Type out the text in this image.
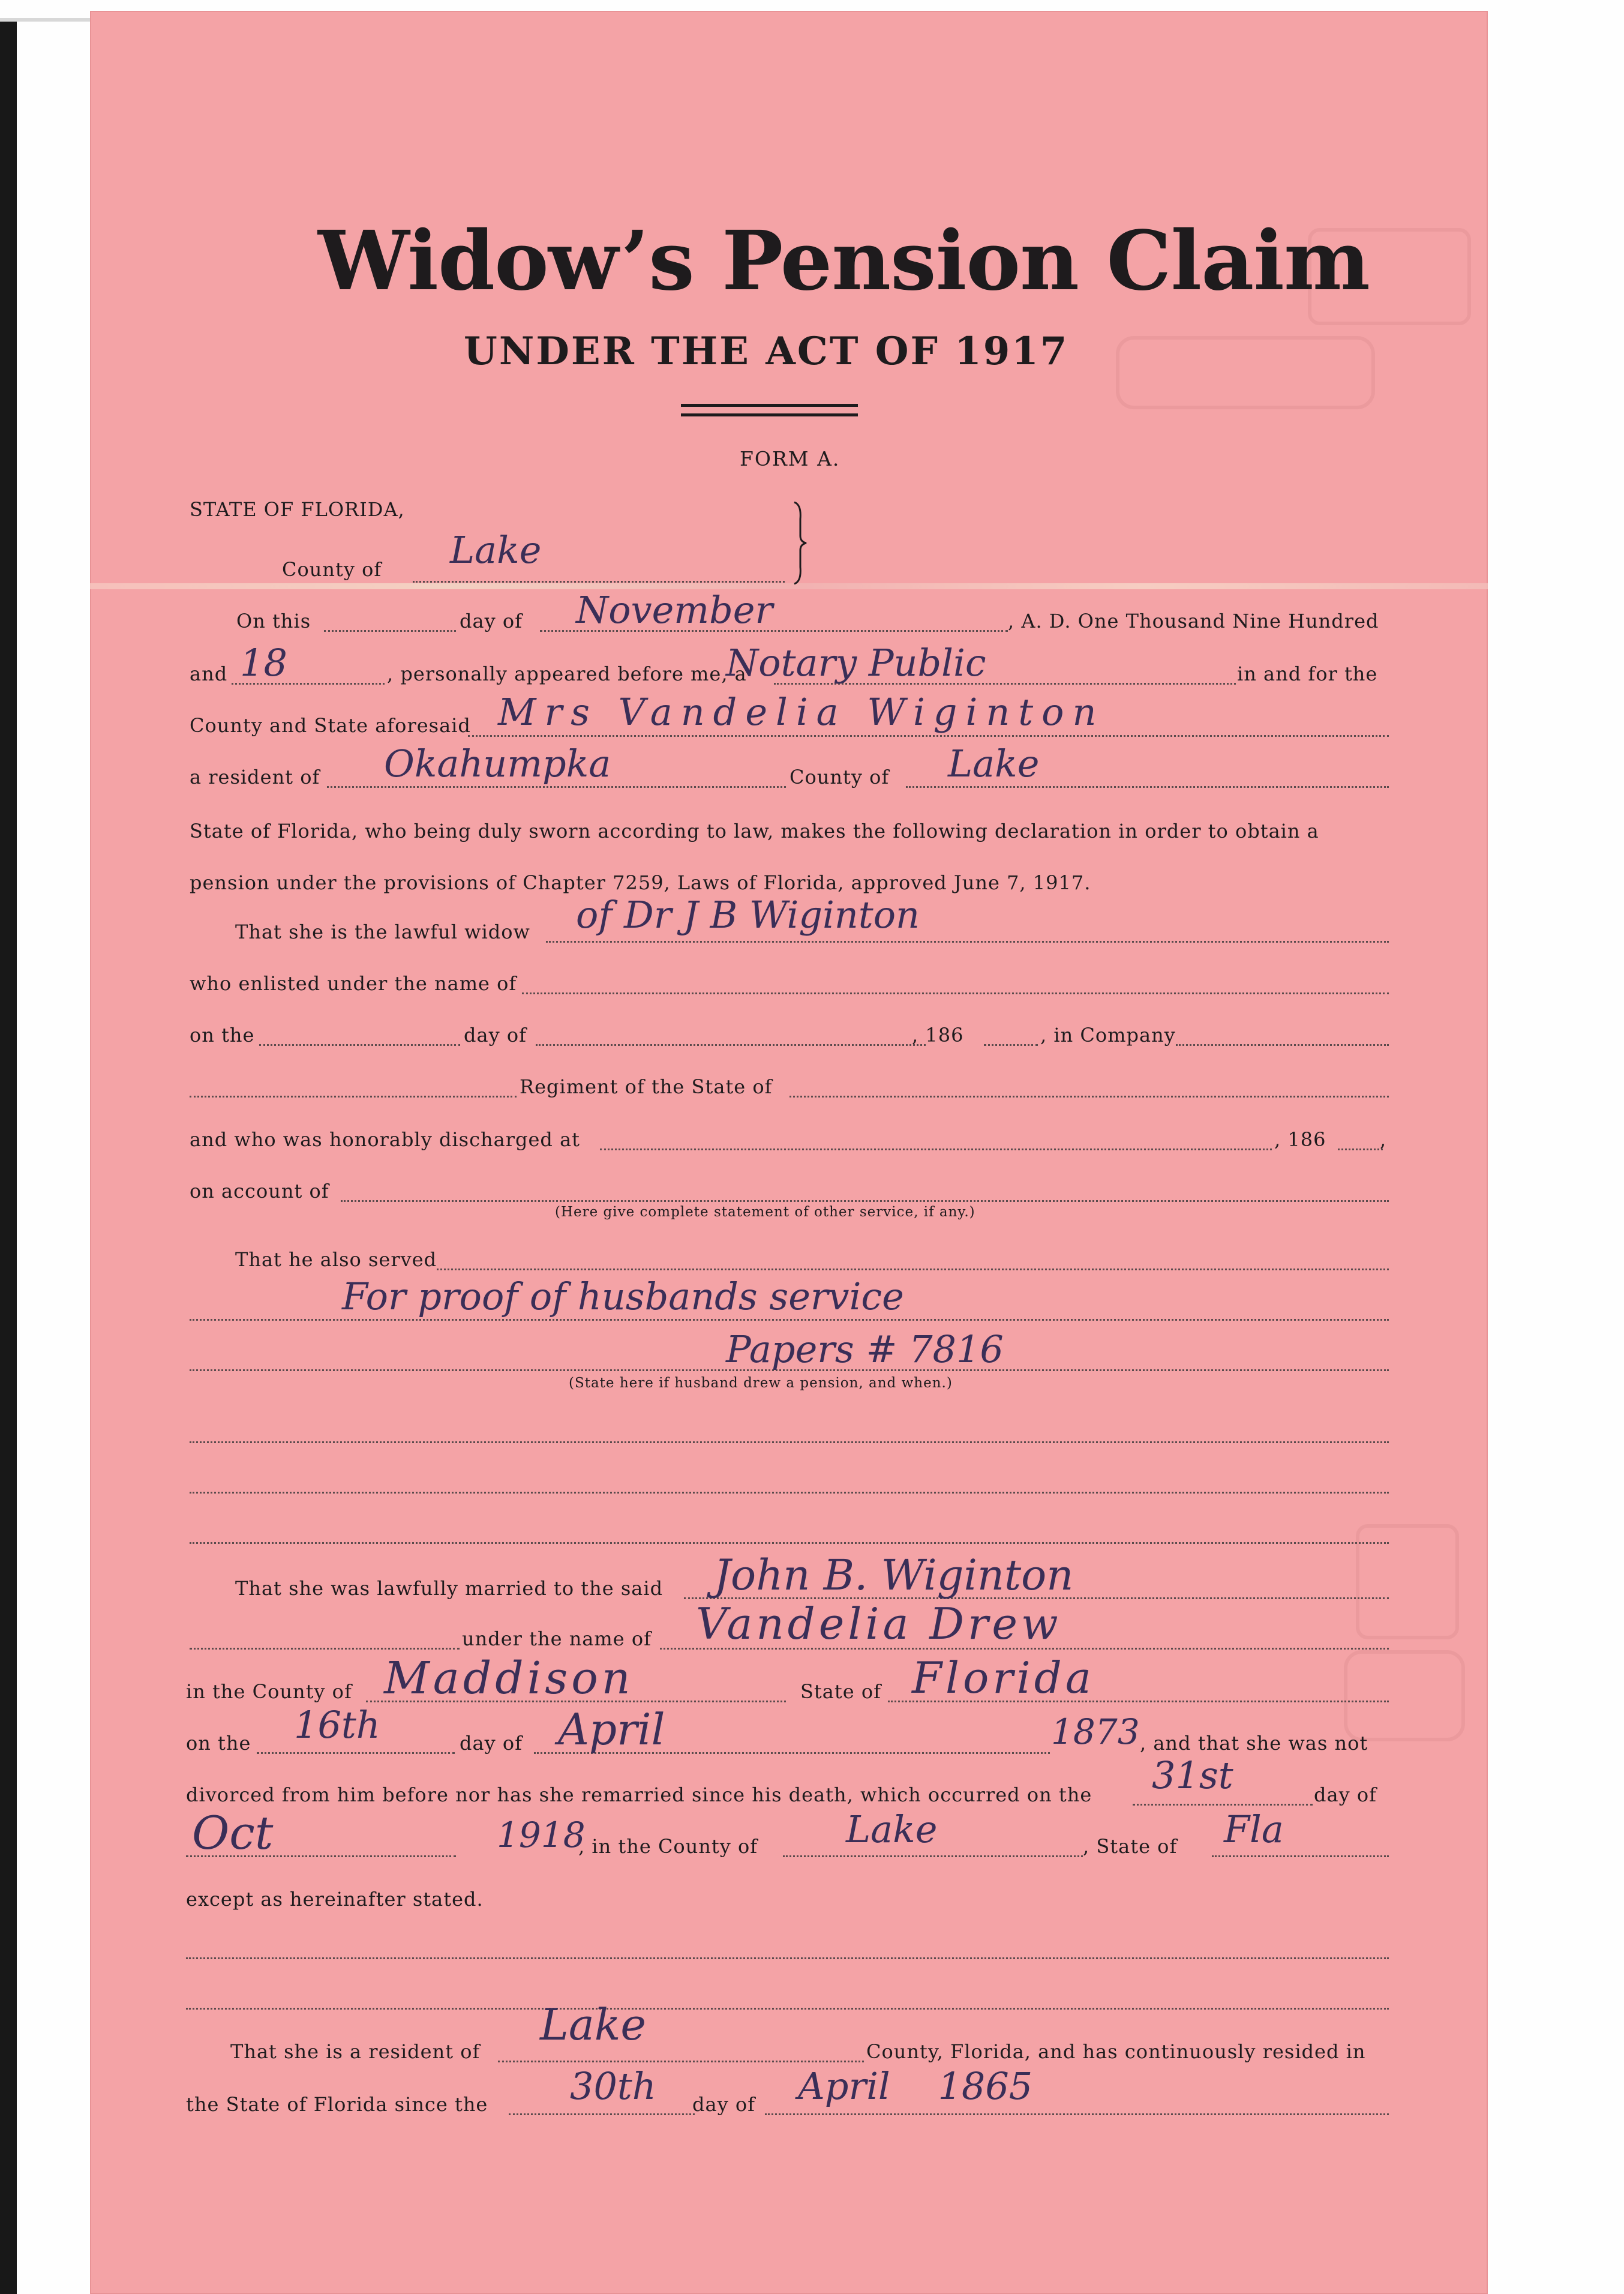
Widow’s Pension Claim
UNDER THE ACT OF 1917
FORM A.
STATE OF FLORIDA,
County of Lake
On this	day of November	, A. D. One Thousand Nine Hundred
and 18	, personally appeared before me, a
Notary Public	in and for the
County and State aforesaid Mrs Vandelia Wiginton
a resident of Okahumpka	County of Lake
State of Florida, who being duly sworn according to law, makes the following declaration in order to obtain a
pension under the provisions of Chapter 7259, Laws of Florida, approved June 7, 1917.
That she is the lawful widow of Dr J B Wiginton
who enlisted under the name of
on the	day of	, 186	, in Company
Regiment of the State of
and who was honorably discharged at	, 186	,
on account of
(Here give complete statement of other service, if any.)
That he also served
For proof of husbands service
Papers # 7816
(State here if husband drew a pension, and when.)
That she was lawfully married to the said John B. Wiginton
under the name of Vandelia Drew
in the County of Maddison	State of Florida
on the 16th	day of April	1873 , and that she was not
divorced from him before nor has she remarried since his death, which occurred on the 31st	day of
Oct	1918
, in the County of Lake	, State of Fla
except as hereinafter stated.
That she is a resident of
Lake
County, Florida, and has continuously resided in
the State of Florida since the 30th day of April 1865
